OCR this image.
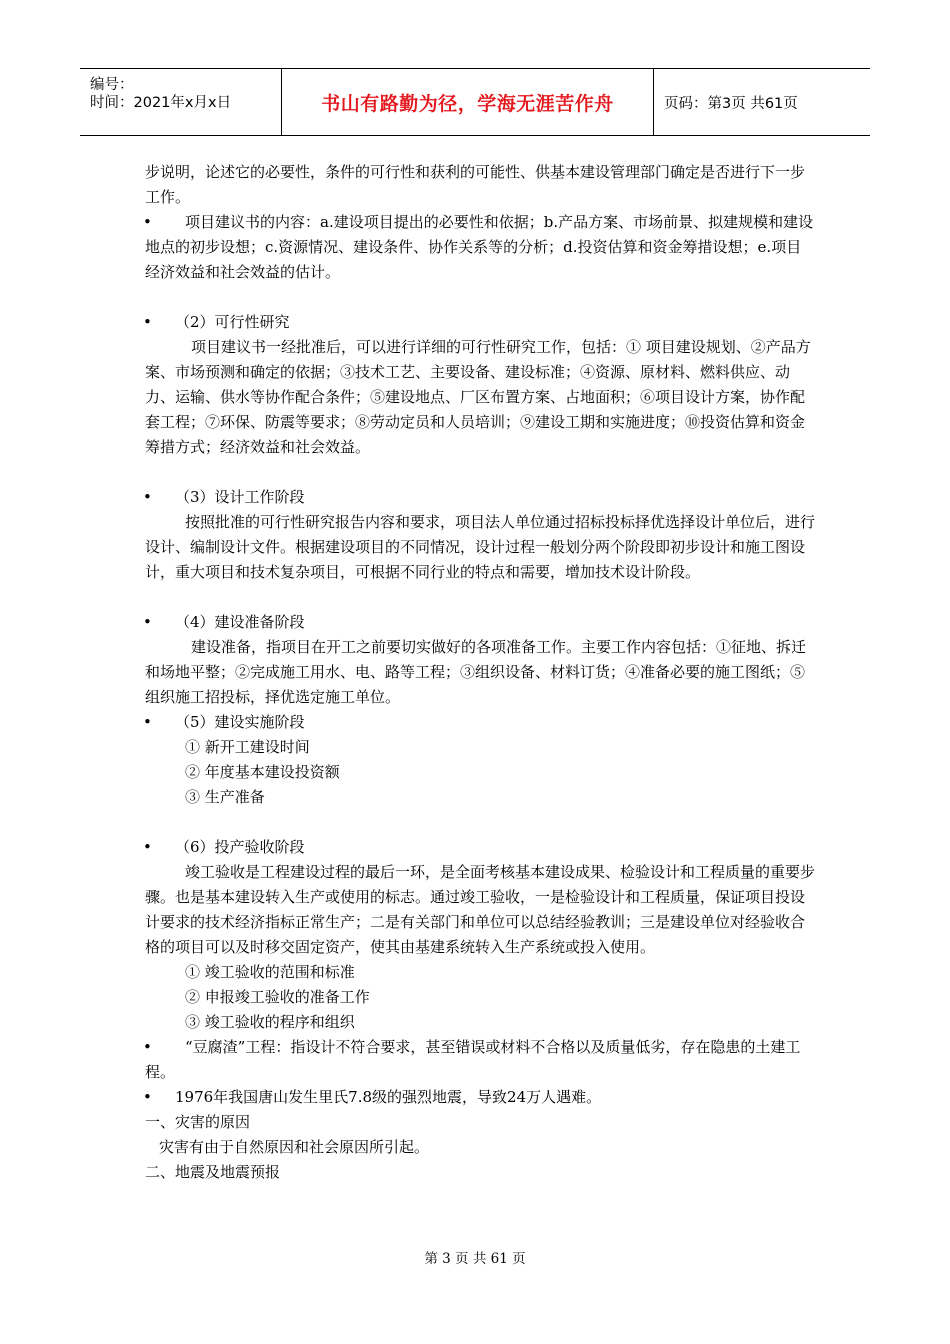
编号：
时间：2021年x月x日	书山有路勤为径，学海无涯苦作舟	页码：第3页 共61页

步说明，论述它的必要性，条件的可行性和获利的可能性、供基本建设管理部门确定是否进行下一步工作。

•	项目建议书的内容：a.建设项目提出的必要性和依据；b.产品方案、市场前景、拟建规模和建设地点的初步设想；c.资源情况、建设条件、协作关系等的分析；d.投资估算和资金筹措设想；e.项目经济效益和社会效益的估计。

•	（2）可行性研究

项目建议书一经批准后，可以进行详细的可行性研究工作，包括：① 项目建设规划、②产品方案、市场预测和确定的依据；③技术工艺、主要设备、建设标准；④资源、原材料、燃料供应、动力、运输、供水等协作配合条件；⑤建设地点、厂区布置方案、占地面积；⑥项目设计方案，协作配套工程；⑦环保、防震等要求；⑧劳动定员和人员培训；⑨建设工期和实施进度；⑩投资估算和资金筹措方式；经济效益和社会效益。

•	（3）设计工作阶段

按照批准的可行性研究报告内容和要求，项目法人单位通过招标投标择优选择设计单位后，进行设计、编制设计文件。根据建设项目的不同情况，设计过程一般划分两个阶段即初步设计和施工图设计，重大项目和技术复杂项目，可根据不同行业的特点和需要，增加技术设计阶段。

•	（4）建设准备阶段

建设准备，指项目在开工之前要切实做好的各项准备工作。主要工作内容包括：①征地、拆迁和场地平整；②完成施工用水、电、路等工程；③组织设备、材料订货；④准备必要的施工图纸；⑤组织施工招投标，择优选定施工单位。

•	（5）建设实施阶段

① 新开工建设时间

② 年度基本建设投资额

③ 生产准备

•	（6）投产验收阶段

竣工验收是工程建设过程的最后一环，是全面考核基本建设成果、检验设计和工程质量的重要步骤。也是基本建设转入生产或使用的标志。通过竣工验收，一是检验设计和工程质量，保证项目投设计要求的技术经济指标正常生产；二是有关部门和单位可以总结经验教训；三是建设单位对经验收合格的项目可以及时移交固定资产，使其由基建系统转入生产系统或投入使用。

① 竣工验收的范围和标准

② 申报竣工验收的准备工作

③ 竣工验收的程序和组织

•	“豆腐渣”工程：指设计不符合要求，甚至错误或材料不合格以及质量低劣，存在隐患的土建工程。

•	1976年我国唐山发生里氏7.8级的强烈地震，导致24万人遇难。

一、灾害的原因

灾害有由于自然原因和社会原因所引起。

二、地震及地震预报

第 3 页 共 61 页
